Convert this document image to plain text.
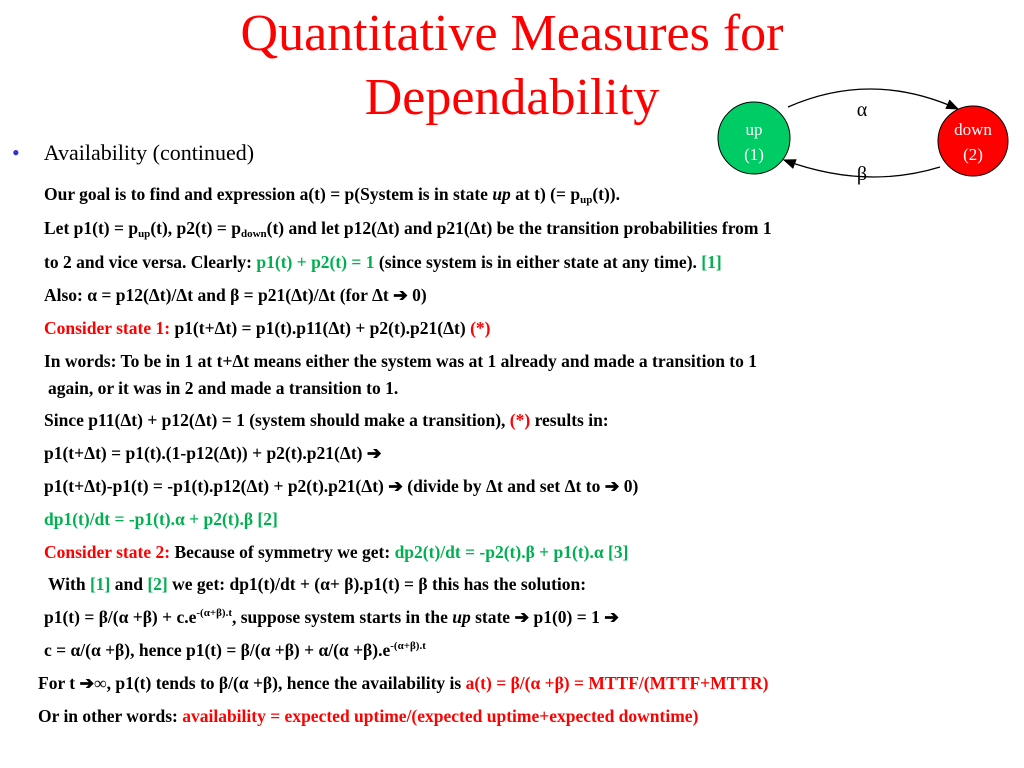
Quantitative Measures for
Dependability
• Availability (continued)
up
(1)
down
(2)
α
β
Our goal is to find and expression a(t) = p(System is in state up at t) (= $p_{up}(t)$).
Let $p1(t) = p_{up}(t)$, $p2(t) = p_{down}(t)$ and let p12(Δt) and p21(Δt) be the transition probabilities from 1
to 2 and vice versa. Clearly: p1(t) + p2(t) = 1 (since system is in either state at any time). [1]
Also: α = p12(Δt)/Δt and β = p21(Δt)/Δt (for Δt ➔ 0)
Consider state 1: p1(t+Δt) = p1(t).p11(Δt) + p2(t).p21(Δt) (*)
In words: To be in 1 at t+Δt means either the system was at 1 already and made a transition to 1
again, or it was in 2 and made a transition to 1.
Since p11(Δt) + p12(Δt) = 1 (system should make a transition), (*) results in:
p1(t+Δt) = p1(t).(1-p12(Δt)) + p2(t).p21(Δt) ➔
p1(t+Δt)-p1(t) = -p1(t).p12(Δt) + p2(t).p21(Δt) ➔ (divide by Δt and set Δt to ➔ 0)
dp1(t)/dt = -p1(t).α + p2(t).β [2]
Consider state 2: Because of symmetry we get: dp2(t)/dt = -p2(t).β + p1(t).α [3]
With [1] and [2] we get: dp1(t)/dt + (α+ β).p1(t) = β this has the solution:
$p1(t) = \beta/(\alpha +\beta) + c.e^{-(\alpha+\beta).t}$, suppose system starts in the up state ➔ p1(0) = 1 ➔
c = α/(α +β), hence $p1(t) = \beta/(\alpha +\beta) + \alpha/(\alpha +\beta).e^{-(\alpha+\beta).t}$
For t ➔∞, p1(t) tends to β/(α +β), hence the availability is a(t) = β/(α +β) = MTTF/(MTTF+MTTR)
Or in other words: availability = expected uptime/(expected uptime+expected downtime)
